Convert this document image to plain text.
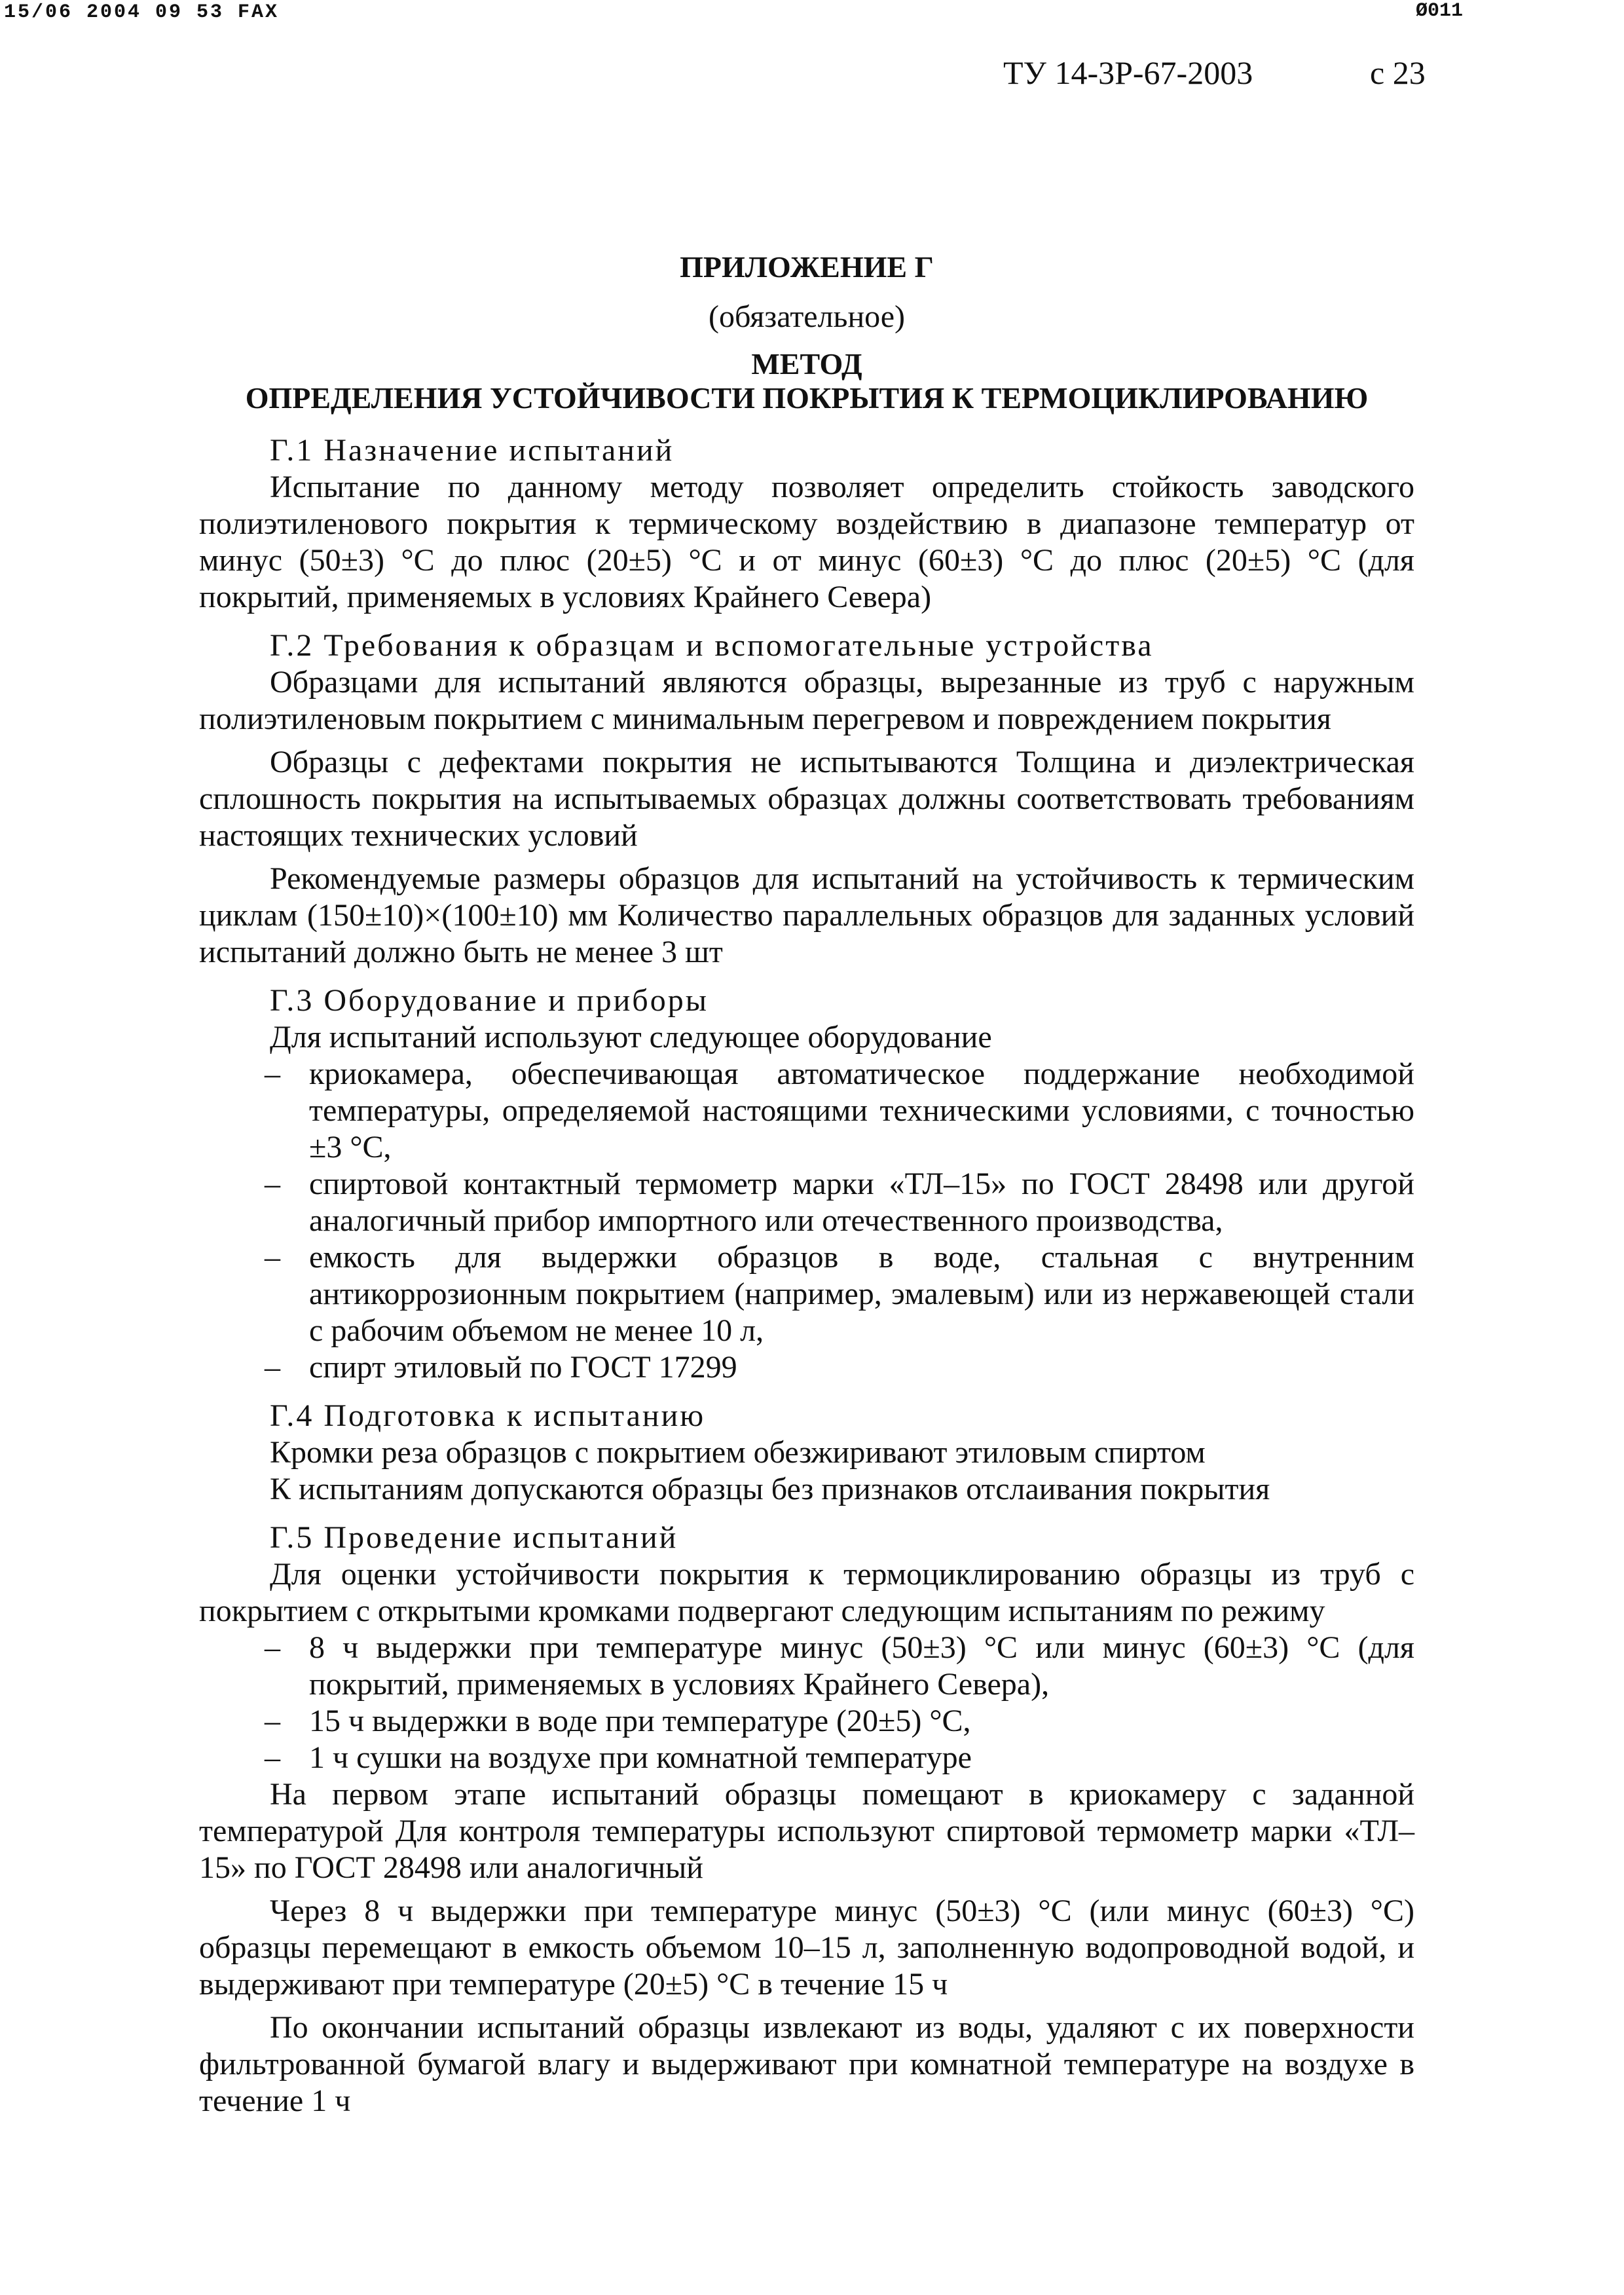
15/06 2004 09 53 FAX	Ø011
ТУ 14-3Р-67-2003	с 23
ПРИЛОЖЕНИЕ Г
(обязательное)
МЕТОД
ОПРЕДЕЛЕНИЯ УСТОЙЧИВОСТИ ПОКРЫТИЯ К ТЕРМОЦИКЛИРОВАНИЮ
Г.1 Назначение испытаний
Испытание по данному методу позволяет определить стойкость заводского полиэтиленового покрытия к термическому воздействию в диапазоне температур от минус (50±3) °С до плюс (20±5) °С и от минус (60±3) °С до плюс (20±5) °С (для покрытий, применяемых в условиях Крайнего Севера)
Г.2 Требования к образцам и вспомогательные устройства
Образцами для испытаний являются образцы, вырезанные из труб с наружным полиэтиленовым покрытием с минимальным перегревом и повреждением покрытия
Образцы с дефектами покрытия не испытываются Толщина и диэлектрическая сплошность покрытия на испытываемых образцах должны соответствовать требованиям настоящих технических условий
Рекомендуемые размеры образцов для испытаний на устойчивость к термическим циклам (150±10)×(100±10) мм Количество параллельных образцов для заданных условий испытаний должно быть не менее 3 шт
Г.3 Оборудование и приборы
Для испытаний используют следующее оборудование
– криокамера, обеспечивающая автоматическое поддержание необходимой температуры, определяемой настоящими техническими условиями, с точностью ±3 °С,
– спиртовой контактный термометр марки «ТЛ–15» по ГОСТ 28498 или другой аналогичный прибор импортного или отечественного производства,
– емкость для выдержки образцов в воде, стальная с внутренним антикоррозионным покрытием (например, эмалевым) или из нержавеющей стали с рабочим объемом не менее 10 л,
– спирт этиловый по ГОСТ 17299
Г.4 Подготовка к испытанию
Кромки реза образцов с покрытием обезжиривают этиловым спиртом
К испытаниям допускаются образцы без признаков отслаивания покрытия
Г.5 Проведение испытаний
Для оценки устойчивости покрытия к термоциклированию образцы из труб с покрытием с открытыми кромками подвергают следующим испытаниям по режиму
– 8 ч выдержки при температуре минус (50±3) °С или минус (60±3) °С (для покрытий, применяемых в условиях Крайнего Севера),
– 15 ч выдержки в воде при температуре (20±5) °С,
– 1 ч сушки на воздухе при комнатной температуре
На первом этапе испытаний образцы помещают в криокамеру с заданной температурой Для контроля температуры используют спиртовой термометр марки «ТЛ–15» по ГОСТ 28498 или аналогичный
Через 8 ч выдержки при температуре минус (50±3) °С (или минус (60±3) °С) образцы перемещают в емкость объемом 10–15 л, заполненную водопроводной водой, и выдерживают при температуре (20±5) °С в течение 15 ч
По окончании испытаний образцы извлекают из воды, удаляют с их поверхности фильтрованной бумагой влагу и выдерживают при комнатной температуре на воздухе в течение 1 ч
